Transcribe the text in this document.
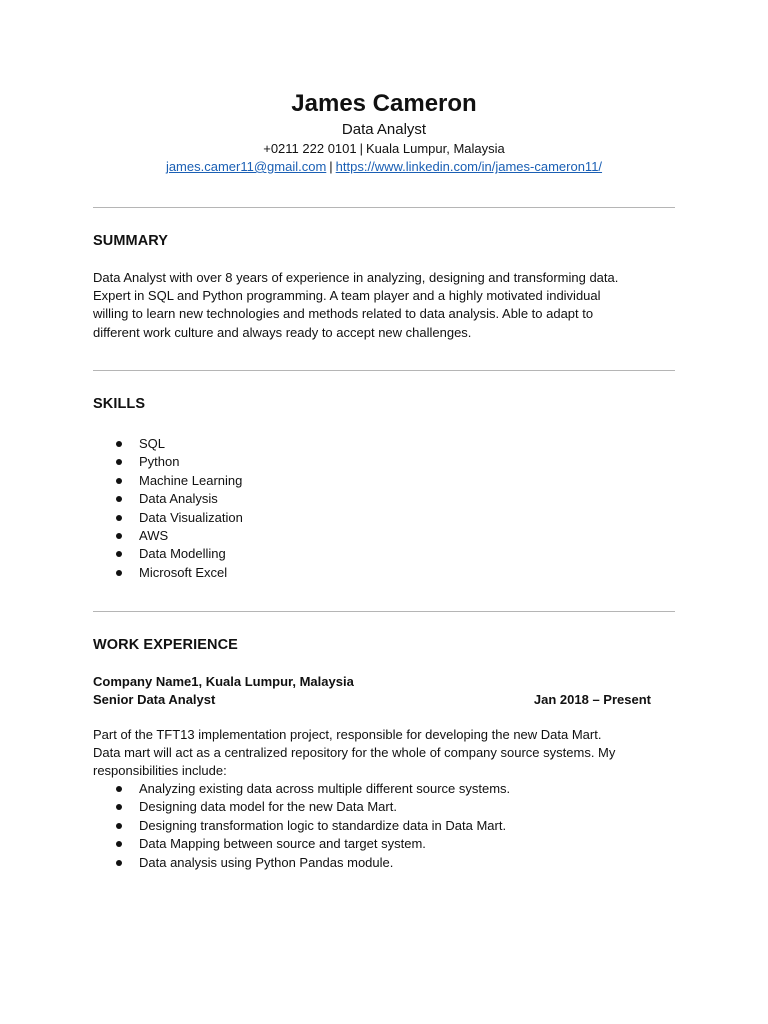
James Cameron
Data Analyst
+0211 222 0101 | Kuala Lumpur, Malaysia
james.camer11@gmail.com | https://www.linkedin.com/in/james-cameron11/
SUMMARY
Data Analyst with over 8 years of experience in analyzing, designing and transforming data.
Expert in SQL and Python programming. A team player and a highly motivated individual
willing to learn new technologies and methods related to data analysis. Able to adapt to
different work culture and always ready to accept new challenges.
SKILLS
SQL
Python
Machine Learning
Data Analysis
Data Visualization
AWS
Data Modelling
Microsoft Excel
WORK EXPERIENCE
Company Name1, Kuala Lumpur, Malaysia
Senior Data Analyst	Jan 2018 – Present
Part of the TFT13 implementation project, responsible for developing the new Data Mart.
Data mart will act as a centralized repository for the whole of company source systems. My
responsibilities include:
Analyzing existing data across multiple different source systems.
Designing data model for the new Data Mart.
Designing transformation logic to standardize data in Data Mart.
Data Mapping between source and target system.
Data analysis using Python Pandas module.
